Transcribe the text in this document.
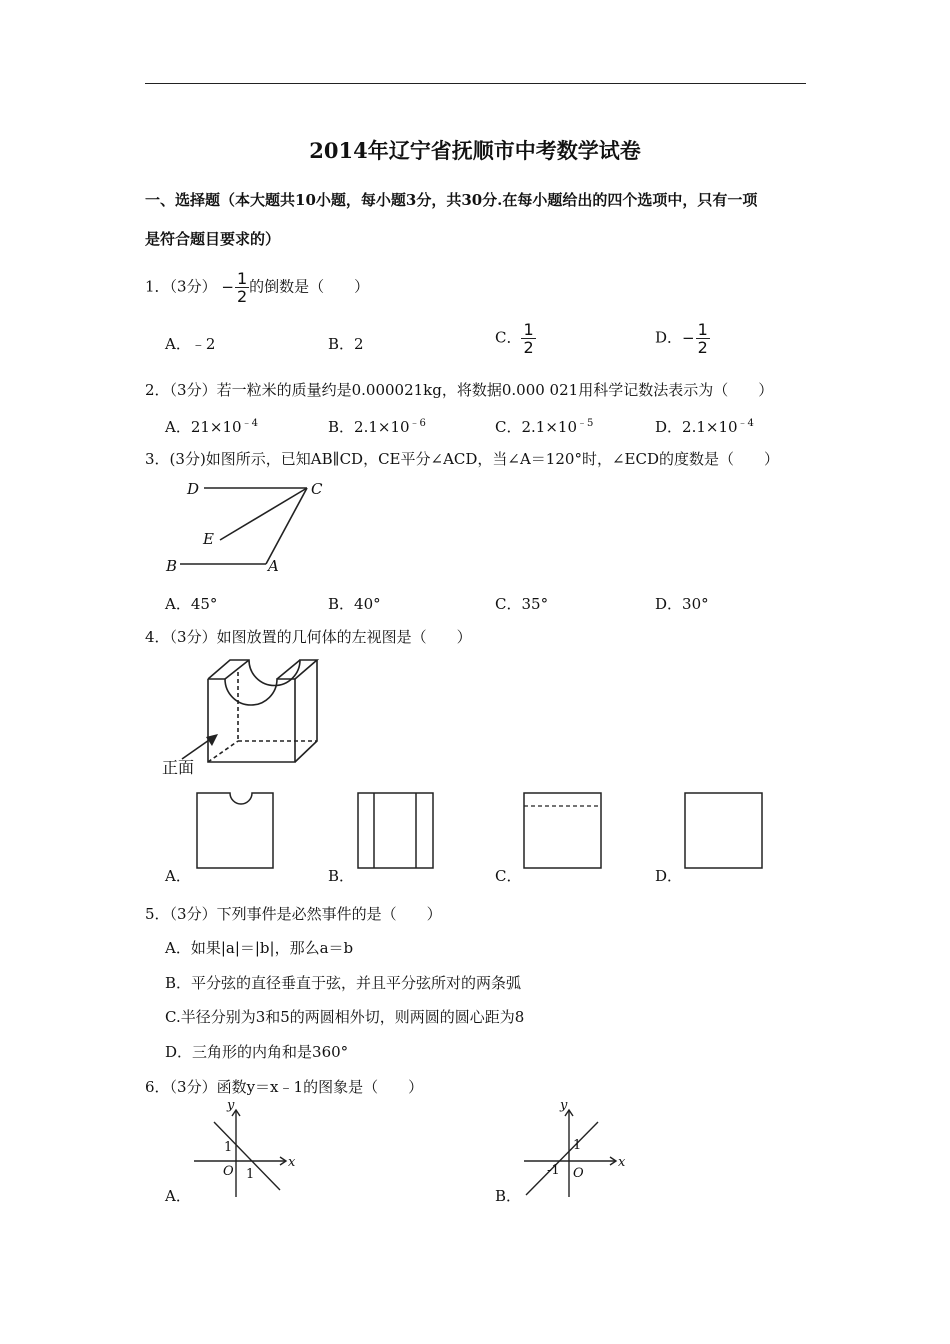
2014年辽宁省抚顺市中考数学试卷
一、选择题（本大题共10小题，每小题3分，共30分.在每小题给出的四个选项中，只有一项
是符合题目要求的）
1．（3分） − $\frac{1}{2}$ 的倒数是（　　）
A．﹣2	B．2	C． $\frac{1}{2}$	D．− $\frac{1}{2}$
2．（3分）若一粒米的质量约是0.000021kg，将数据0.000 021用科学记数法表示为（　　）
A．$21\times 10^{﹣4}$	B．$2.1\times 10^{﹣6}$	C．$2.1\times 10^{﹣5}$	D．$2.1\times 10^{﹣4}$
3．(3分)如图所示，已知AB∥CD，CE平分∠ACD，当∠A＝120°时，∠ECD的度数是（　　）
D	C
E
B	A
A．45°	B．40°	C．35°	D．30°
4．（3分）如图放置的几何体的左视图是（　　）
正面
A．	B．	C．	D．
5．（3分）下列事件是必然事件的是（　　）
A．如果|a|＝|b|，那么a＝b
B．平分弦的直径垂直于弦，并且平分弦所对的两条弧
C.半径分别为3和5的两圆相外切，则两圆的圆心距为8
D．三角形的内角和是360°
6．（3分）函数y＝x﹣1的图象是（　　）
y
x
O
1
1
y
x
O
1
-1
A．	B．
